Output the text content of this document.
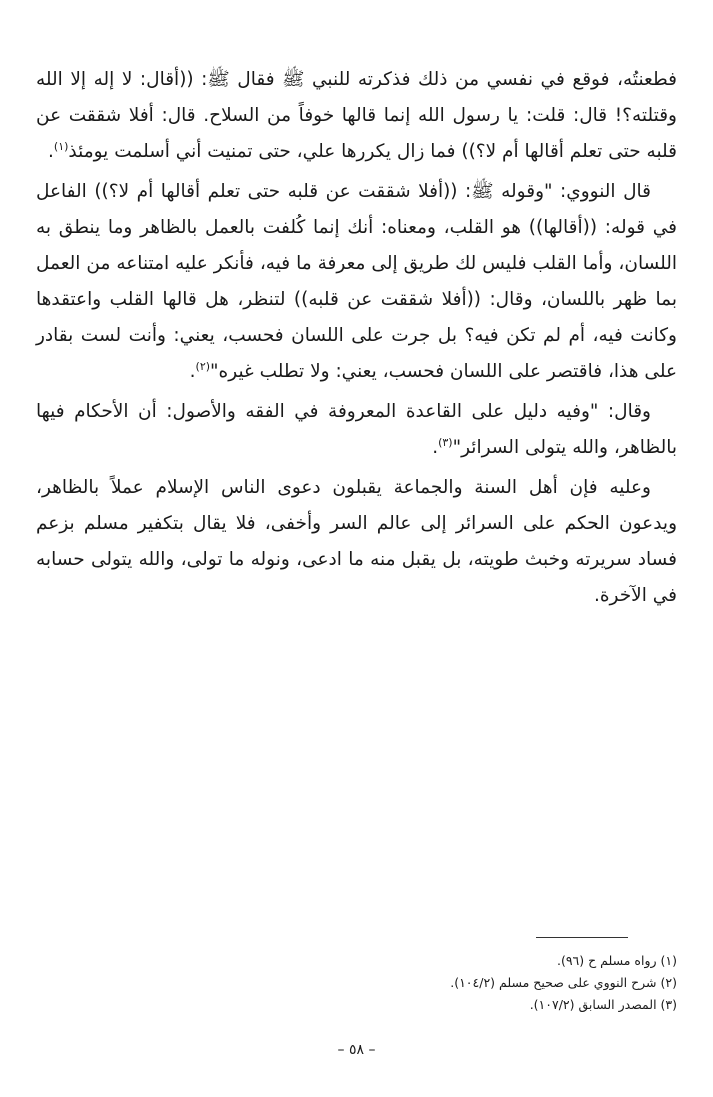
فطعنتُه، فوقع في نفسي من ذلك فذكرته للنبي ﷺ فقال ﷺ: ((أقال: لا إله إلا الله وقتلته؟! قال: قلت: يا رسول الله إنما قالها خوفاً من السلاح. قال: أفلا شققت عن قلبه حتى تعلم أقالها أم لا؟)) فما زال يكررها علي، حتى تمنيت أني أسلمت يومئذ$^{(١)}$.

قال النووي: "وقوله ﷺ: ((أفلا شققت عن قلبه حتى تعلم أقالها أم لا؟)) الفاعل في قوله: ((أقالها)) هو القلب، ومعناه: أنك إنما كُلفت بالعمل بالظاهر وما ينطق به اللسان، وأما القلب فليس لك طريق إلى معرفة ما فيه، فأنكر عليه امتناعه من العمل بما ظهر باللسان، وقال: ((أفلا شققت عن قلبه)) لتنظر، هل قالها القلب واعتقدها وكانت فيه، أم لم تكن فيه؟ بل جرت على اللسان فحسب، يعني: وأنت لست بقادر على هذا، فاقتصر على اللسان فحسب، يعني: ولا تطلب غيره"$^{(٢)}$.

وقال: "وفيه دليل على القاعدة المعروفة في الفقه والأصول: أن الأحكام فيها بالظاهر، والله يتولى السرائر"$^{(٣)}$.

وعليه فإن أهل السنة والجماعة يقبلون دعوى الناس الإسلام عملاً بالظاهر، ويدعون الحكم على السرائر إلى عالم السر وأخفى، فلا يقال بتكفير مسلم بزعم فساد سريرته وخبث طويته، بل يقبل منه ما ادعى، ونوله ما تولى، والله يتولى حسابه في الآخرة.

(١) رواه مسلم ح (٩٦).

(٢) شرح النووي على صحيح مسلم (١٠٤/٢).

(٣) المصدر السابق (١٠٧/٢).

– ٥٨ –
